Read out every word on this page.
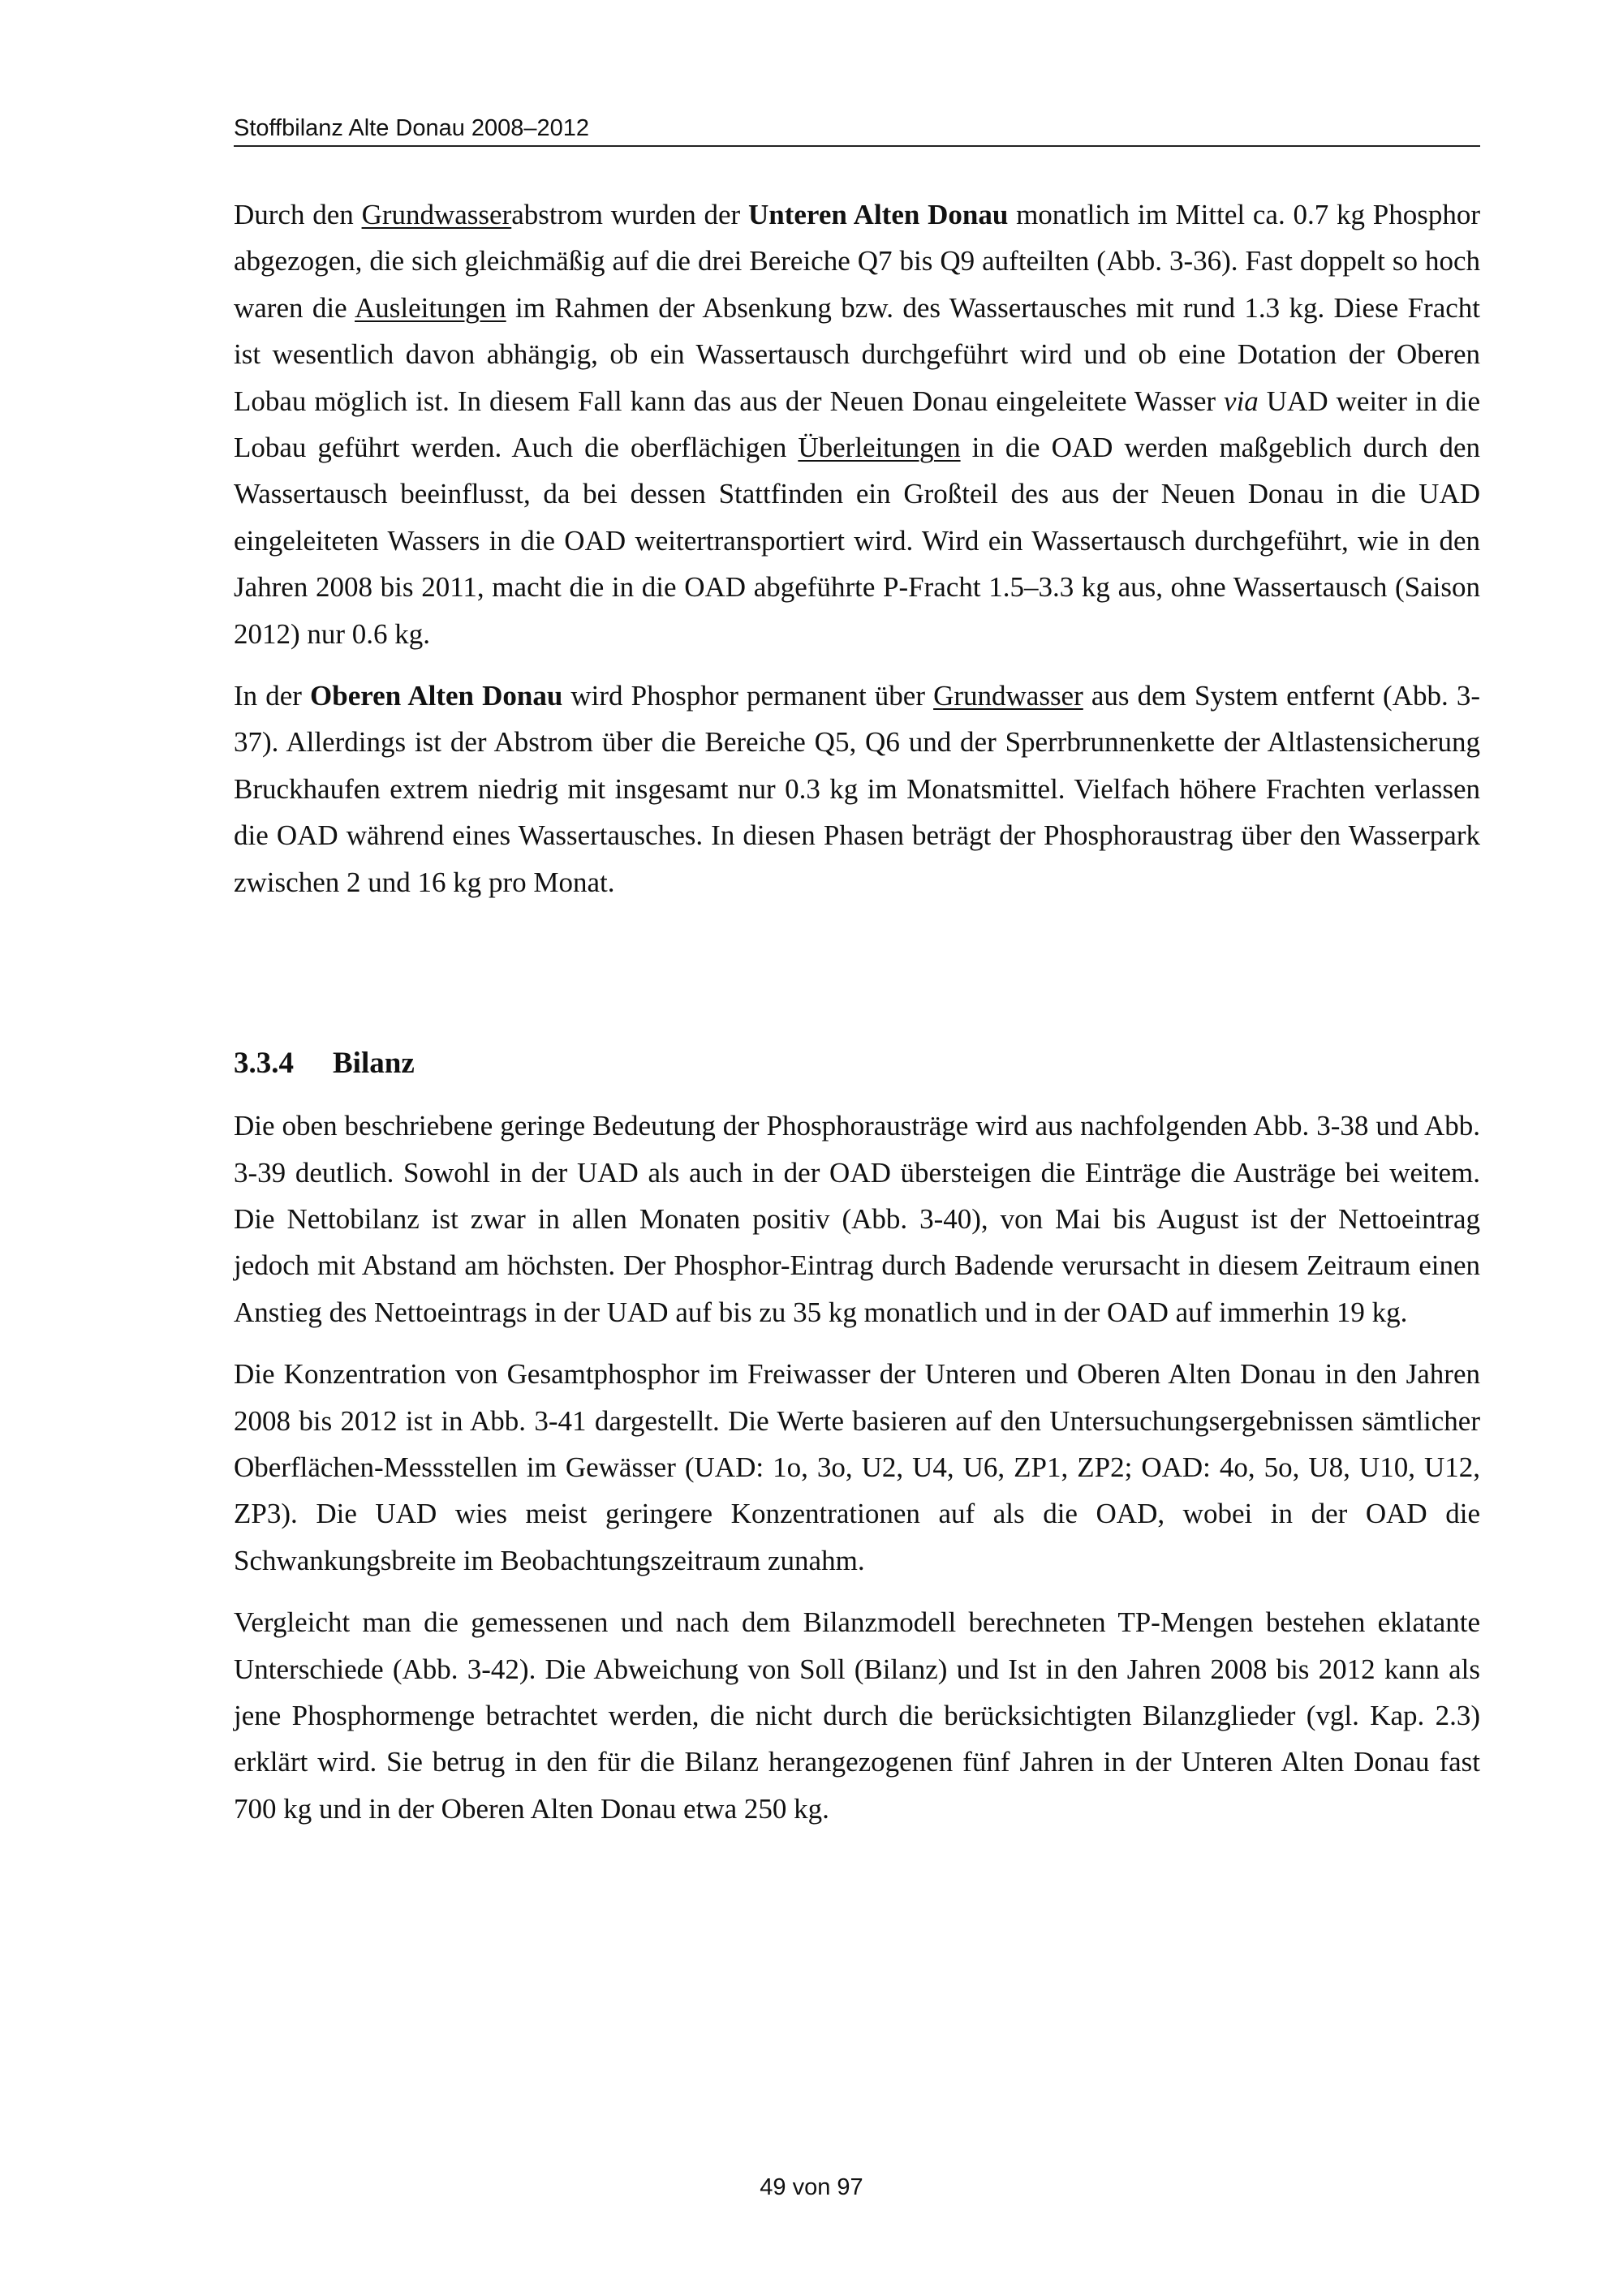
Stoffbilanz Alte Donau 2008–2012

Durch den Grundwasserabstrom wurden der Unteren Alten Donau monatlich im Mittel ca. 0.7 kg Phosphor abgezogen, die sich gleichmäßig auf die drei Bereiche Q7 bis Q9 aufteilten (Abb. 3-36). Fast doppelt so hoch waren die Ausleitungen im Rahmen der Absenkung bzw. des Wassertausches mit rund 1.3 kg. Diese Fracht ist wesentlich davon abhängig, ob ein Wassertausch durchgeführt wird und ob eine Dotation der Oberen Lobau möglich ist. In diesem Fall kann das aus der Neuen Donau eingeleitete Wasser via UAD weiter in die Lobau geführt werden. Auch die oberflächigen Überleitungen in die OAD werden maßgeblich durch den Wassertausch beeinflusst, da bei dessen Stattfinden ein Großteil des aus der Neuen Donau in die UAD eingeleiteten Wassers in die OAD weitertransportiert wird. Wird ein Wassertausch durchgeführt, wie in den Jahren 2008 bis 2011, macht die in die OAD abgeführte P-Fracht 1.5–3.3 kg aus, ohne Wassertausch (Saison 2012) nur 0.6 kg.

In der Oberen Alten Donau wird Phosphor permanent über Grundwasser aus dem System entfernt (Abb. 3-37). Allerdings ist der Abstrom über die Bereiche Q5, Q6 und der Sperrbrunnenkette der Altlastensicherung Bruckhaufen extrem niedrig mit insgesamt nur 0.3 kg im Monatsmittel. Vielfach höhere Frachten verlassen die OAD während eines Wassertausches. In diesen Phasen beträgt der Phosphoraustrag über den Wasserpark zwischen 2 und 16 kg pro Monat.

3.3.4 Bilanz

Die oben beschriebene geringe Bedeutung der Phosphorausträge wird aus nachfolgenden Abb. 3-38 und Abb. 3-39 deutlich. Sowohl in der UAD als auch in der OAD übersteigen die Einträge die Austräge bei weitem. Die Nettobilanz ist zwar in allen Monaten positiv (Abb. 3-40), von Mai bis August ist der Nettoeintrag jedoch mit Abstand am höchsten. Der Phosphor-Eintrag durch Badende verursacht in diesem Zeitraum einen Anstieg des Nettoeintrags in der UAD auf bis zu 35 kg monatlich und in der OAD auf immerhin 19 kg.

Die Konzentration von Gesamtphosphor im Freiwasser der Unteren und Oberen Alten Donau in den Jahren 2008 bis 2012 ist in Abb. 3-41 dargestellt. Die Werte basieren auf den Untersuchungsergebnissen sämtlicher Oberflächen-Messstellen im Gewässer (UAD: 1o, 3o, U2, U4, U6, ZP1, ZP2; OAD: 4o, 5o, U8, U10, U12, ZP3). Die UAD wies meist geringere Konzentrationen auf als die OAD, wobei in der OAD die Schwankungsbreite im Beobachtungszeitraum zunahm.

Vergleicht man die gemessenen und nach dem Bilanzmodell berechneten TP-Mengen bestehen eklatante Unterschiede (Abb. 3-42). Die Abweichung von Soll (Bilanz) und Ist in den Jahren 2008 bis 2012 kann als jene Phosphormenge betrachtet werden, die nicht durch die berücksichtigten Bilanzglieder (vgl. Kap. 2.3) erklärt wird. Sie betrug in den für die Bilanz herangezogenen fünf Jahren in der Unteren Alten Donau fast 700 kg und in der Oberen Alten Donau etwa 250 kg.

49 von 97
